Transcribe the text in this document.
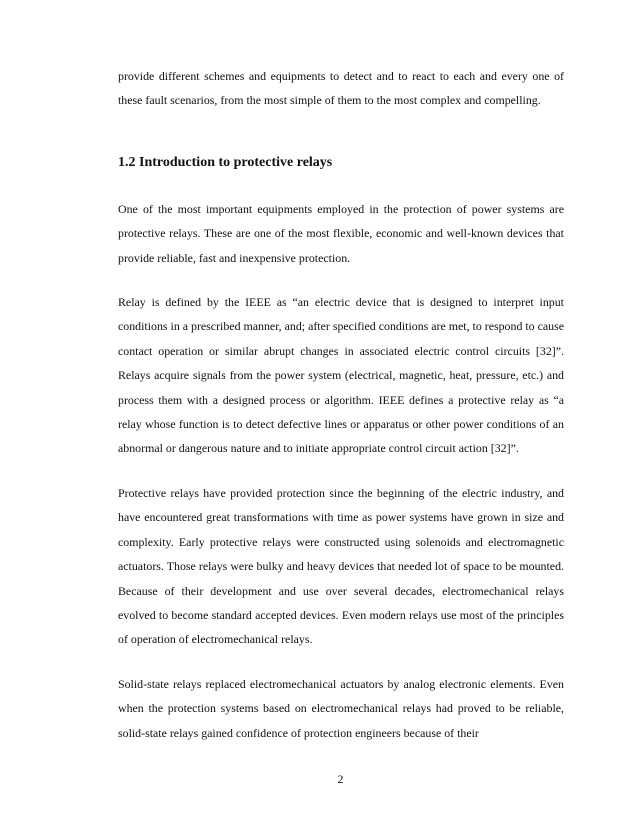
provide different schemes and equipments to detect and to react to each and every one of these fault scenarios, from the most simple of them to the most complex and compelling.

1.2 Introduction to protective relays

One of the most important equipments employed in the protection of power systems are protective relays. These are one of the most flexible, economic and well-known devices that provide reliable, fast and inexpensive protection.

Relay is defined by the IEEE as “an electric device that is designed to interpret input conditions in a prescribed manner, and; after specified conditions are met, to respond to cause contact operation or similar abrupt changes in associated electric control circuits [32]”. Relays acquire signals from the power system (electrical, magnetic, heat, pressure, etc.) and process them with a designed process or algorithm. IEEE defines a protective relay as “a relay whose function is to detect defective lines or apparatus or other power conditions of an abnormal or dangerous nature and to initiate appropriate control circuit action [32]”.

Protective relays have provided protection since the beginning of the electric industry, and have encountered great transformations with time as power systems have grown in size and complexity. Early protective relays were constructed using solenoids and electromagnetic actuators. Those relays were bulky and heavy devices that needed lot of space to be mounted. Because of their development and use over several decades, electromechanical relays evolved to become standard accepted devices. Even modern relays use most of the principles of operation of electromechanical relays.

Solid-state relays replaced electromechanical actuators by analog electronic elements. Even when the protection systems based on electromechanical relays had proved to be reliable, solid-state relays gained confidence of protection engineers because of their

2
